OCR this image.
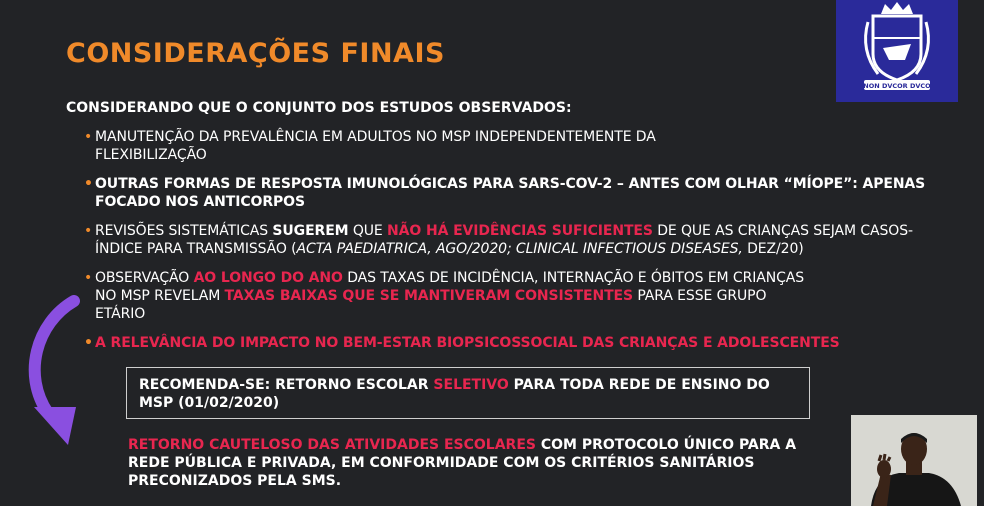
CONSIDERAÇÕES FINAIS
CONSIDERANDO QUE O CONJUNTO DOS ESTUDOS OBSERVADOS:
• MANUTENÇÃO DA PREVALÊNCIA EM ADULTOS NO MSP INDEPENDENTEMENTE DA FLEXIBILIZAÇÃO
• OUTRAS FORMAS DE RESPOSTA IMUNOLÓGICAS PARA SARS-COV-2 – ANTES COM OLHAR “MÍOPE”: APENAS FOCADO NOS ANTICORPOS
• REVISÕES SISTEMÁTICAS SUGEREM QUE NÃO HÁ EVIDÊNCIAS SUFICIENTES DE QUE AS CRIANÇAS SEJAM CASOS-ÍNDICE PARA TRANSMISSÃO (ACTA PAEDIATRICA, AGO/2020; CLINICAL INFECTIOUS DISEASES, DEZ/20)
• OBSERVAÇÃO AO LONGO DO ANO DAS TAXAS DE INCIDÊNCIA, INTERNAÇÃO E ÓBITOS EM CRIANÇAS NO MSP REVELAM TAXAS BAIXAS QUE SE MANTIVERAM CONSISTENTES PARA ESSE GRUPO ETÁRIO
• A RELEVÂNCIA DO IMPACTO NO BEM-ESTAR BIOPSICOSSOCIAL DAS CRIANÇAS E ADOLESCENTES
RECOMENDA-SE: RETORNO ESCOLAR SELETIVO PARA TODA REDE DE ENSINO DO MSP (01/02/2020)
RETORNO CAUTELOSO DAS ATIVIDADES ESCOLARES COM PROTOCOLO ÚNICO PARA A REDE PÚBLICA E PRIVADA, EM CONFORMIDADE COM OS CRITÉRIOS SANITÁRIOS PRECONIZADOS PELA SMS.
NON DVCOR DVCO
